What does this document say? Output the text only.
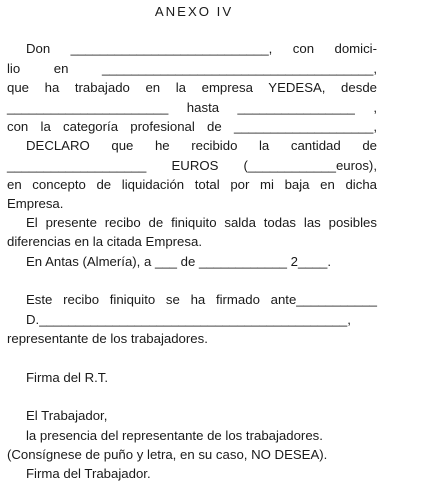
ANEXO IV
Don ___________________________, con domici-
lio en _____________________________________,
que ha trabajado en la empresa YEDESA, desde
______________________ hasta ________________ ,
con la categoría profesional de ___________________,
DECLARO que he recibido la cantidad de
___________________ EUROS (____________euros),
en concepto de liquidación total por mi baja en dicha
Empresa.
El presente recibo de finiquito salda todas las posibles
diferencias en la citada Empresa.
En Antas (Almería), a ___ de ____________ 2____.
Este recibo finiquito se ha firmado ante___________
D.__________________________________________,
representante de los trabajadores.
Firma del R.T.
El Trabajador,
la presencia del representante de los trabajadores.
(Consígnese de puño y letra, en su caso, NO DESEA).
Firma del Trabajador.
